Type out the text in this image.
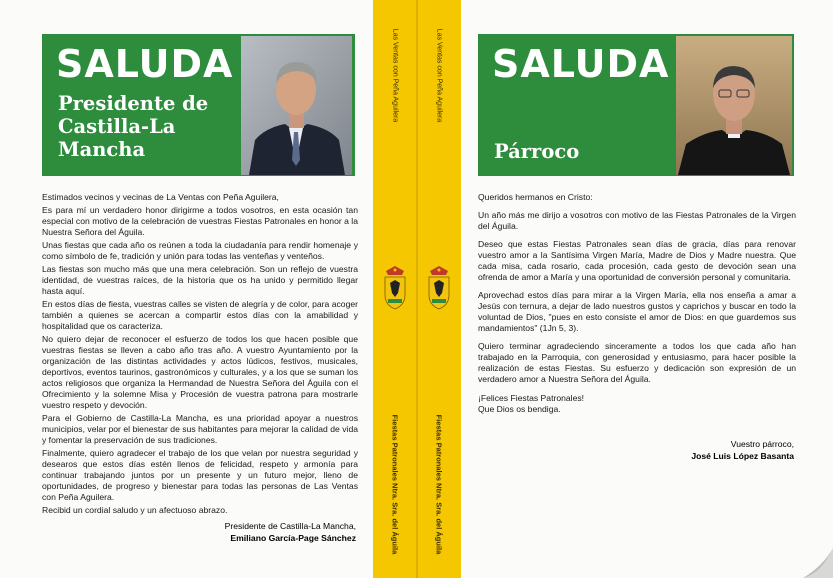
SALUDA
Presidente de Castilla-La Mancha

Estimados vecinos y vecinas de La Ventas con Peña Aguilera,

Es para mí un verdadero honor dirigirme a todos vosotros, en esta ocasión tan especial con motivo de la celebración de vuestras Fiestas Patronales en honor a la Nuestra Señora del Águila.

Unas fiestas que cada año os reúnen a toda la ciudadanía para rendir homenaje y como símbolo de fe, tradición y unión para todas las venteñas y venteños.

Las fiestas son mucho más que una mera celebración. Son un reflejo de vuestra identidad, de vuestras raíces, de la historia que os ha unido y permitido llegar hasta aquí.

En estos días de fiesta, vuestras calles se visten de alegría y de color, para acoger también a quienes se acercan a compartir estos días con la amabilidad y hospitalidad que os caracteriza.

No quiero dejar de reconocer el esfuerzo de todos los que hacen posible que vuestras fiestas se lleven a cabo año tras año. A vuestro Ayuntamiento por la organización de las distintas actividades y actos lúdicos, festivos, musicales, deportivos, eventos taurinos, gastronómicos y culturales, y a los que se suman los actos religiosos que organiza la Hermandad de Nuestra Señora del Águila con el Ofrecimiento y la solemne Misa y Procesión de vuestra patrona para mostrarle vuestro respeto y devoción.

Para el Gobierno de Castilla-La Mancha, es una prioridad apoyar a nuestros municipios, velar por el bienestar de sus habitantes para mejorar la calidad de vida y fomentar la preservación de sus tradiciones.

Finalmente, quiero agradecer el trabajo de los que velan por nuestra seguridad y desearos que estos días estén llenos de felicidad, respeto y armonía para continuar trabajando juntos por un presente y un futuro mejor, lleno de oportunidades, de progreso y bienestar para todas las personas de Las Ventas con Peña Aguilera.

Recibid un cordial saludo y un afectuoso abrazo.

Presidente de Castilla-La Mancha,
Emiliano García-Page Sánchez
Las Ventas con Peña Aguilera
Fiestas Patronales Ntra. Sra. del Águila
Las Ventas con Peña Aguilera
Fiestas Patronales Ntra. Sra. del Águila
SALUDA
Párroco

Queridos hermanos en Cristo:

Un año más me dirijo a vosotros con motivo de las Fiestas Patronales de la Virgen del Águila.

Deseo que estas Fiestas Patronales sean días de gracia, días para renovar vuestro amor a la Santísima Virgen María, Madre de Dios y Madre nuestra. Que cada misa, cada rosario, cada procesión, cada gesto de devoción sean una ofrenda de amor a María y una oportunidad de conversión personal y comunitaria.

Aprovechad estos días para mirar a la Virgen María, ella nos enseña a amar a Jesús con ternura, a dejar de lado nuestros gustos y caprichos y buscar en todo la voluntad de Dios, "pues en esto consiste el amor de Dios: en que guardemos sus mandamientos" (1Jn 5, 3).

Quiero terminar agradeciendo sinceramente a todos los que cada año han trabajado en la Parroquia, con generosidad y entusiasmo, para hacer posible la realización de estas Fiestas. Su esfuerzo y dedicación son expresión de un verdadero amor a Nuestra Señora del Águila.

¡Felices Fiestas Patronales!

Que Dios os bendiga.

Vuestro párroco,
José Luis López Basanta
